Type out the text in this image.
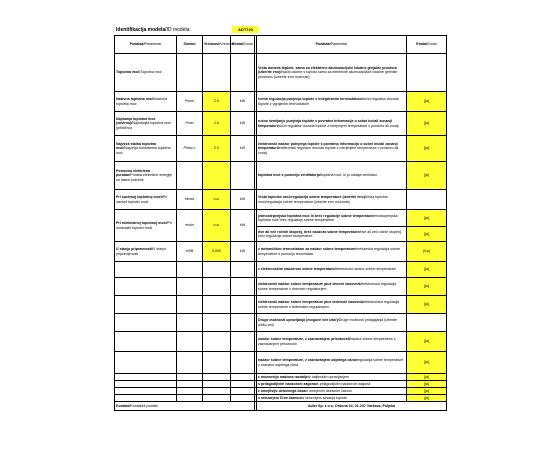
Identifikacija modela/ID modela:	ADT720
Podatak/Parametar	Simbol	Vrednost/Vrednost	Enota/Enota		Podatak/Parametar	Enota/Enota
Toplotna moć/Toplotna moč					Vrsta dovoda toplote, samo za električne akumulacijske lokalne grejalne prostora (izberite eno)/Način oskrbe s toploto samo za električne akumulacijske lokalne grelnike prostorov (izberite eno možnost)	
Nazivna toplotna moć/Nazivna toplotna moč	Pnom	2.0	kW		ručna regulacija punjenja toplote s integriranim termostatom/ročni regulator dovoda toplote z vgrajenim termostatom	[ja]
Najmanja toplotna moć (okvirno)/Najmanjša toplotna moč (približno)	Pmin	1.0	kW		ručno kemijanje punjenja toplote s povratne informacije o sobni inciali zunanji temperaturi/ročni regulator dovoda toplote z merjenjem temperature v prostoru ali zunaj	[ja]
Najveća stalna toplotna moć/Največja konstantna toplotna moč	Pmax,c	2.0	kW		elektronski nadzor polnjenja toplote s povratno informacijo o sobni inciali zunanji temperaturi/elektronski regulator dovoda toplote z merjenjem temperature v prostoru ali zunaj	[ja]
Pomoćna električna porabar/Poraba električne energije za lastne potrebe					toplotna moč s pomočjo ventilatorja/toplotna moč, ki jo oddaja ventilator	[ja]
Pri nazivnoj toplotnoj moći/Pri nazivni toplotni moči	elmax	n.a.	kW		Vrsta toplotne moć/regulacija sobne temperature (izberite eno)/Vrsta toplotne moči/regulacija sobne temperature (izberite eno možnost)	
Pri minimalnoj toplotnoj moći/Pri minimalni toplotni moči	elmin	n.a.	kW		jednostepenjska toplotna moć in brez regulacije sobne temperature/enostopenjska toplotna moč brez regulacije sobne temperature	[ja]
					dve ali več ročnih stopenj, brez nadzora sobne temperature/dve ali več ročnih stopenj, brez regulacije sobne temperature	[ja]
U stanju pripravnosti/V stanju pripravljenosti	elSB	0,000	kW		z mehaničkim termostatom za nadzor sobne temperature/mehanska regulacija sobne temperature s pomočjo termostata	[Da]
					z elektronskim nadzorom sobne temperature/elektronski nadzor sobne temperature	[ja]
					elektronski nadzor sobne temperature plus dnevni časovnik/elektronska regulacija sobne temperature z dnevnim regulatorjem	[ja]
					elektronski nadzor sobne temperature plus tedenski časovnik/elektronska regulacija sobne temperature s tedenskim regulatorjem	[ja]
					Druge možnosti upravljanja (moguće več izbir)/Druge možnosti prilagajanja (izberite lahko več)	
					nadzor sobne temperature, z zaznavanjem prisotnosti/nadzor sobne temperature z zaznavanjem prisotnosti	[ja]
					nadzor sobne temperature, z zaznavanjem odprtega okna/regulacija sobne temperature z zaznavo odprtega okna	[ja]
					z možnostjo nadzora razdalje/z daljinskim upravljanjem	[ja]
					s prilagodljivim nadzorom zagona/s prilagodljivim nadzorom zagona	[ja]
					z omejitvijo delovnega časa/z omejenim delovnim časom	[ja]
					s senzorjem Črne žarnice/s senzorjem sevanja toplote	[ja]
Kontakt/Kontaktni podatki					Adler Sp. z o.o. Ordona 24, 01-237 Varšava, Poljska	
